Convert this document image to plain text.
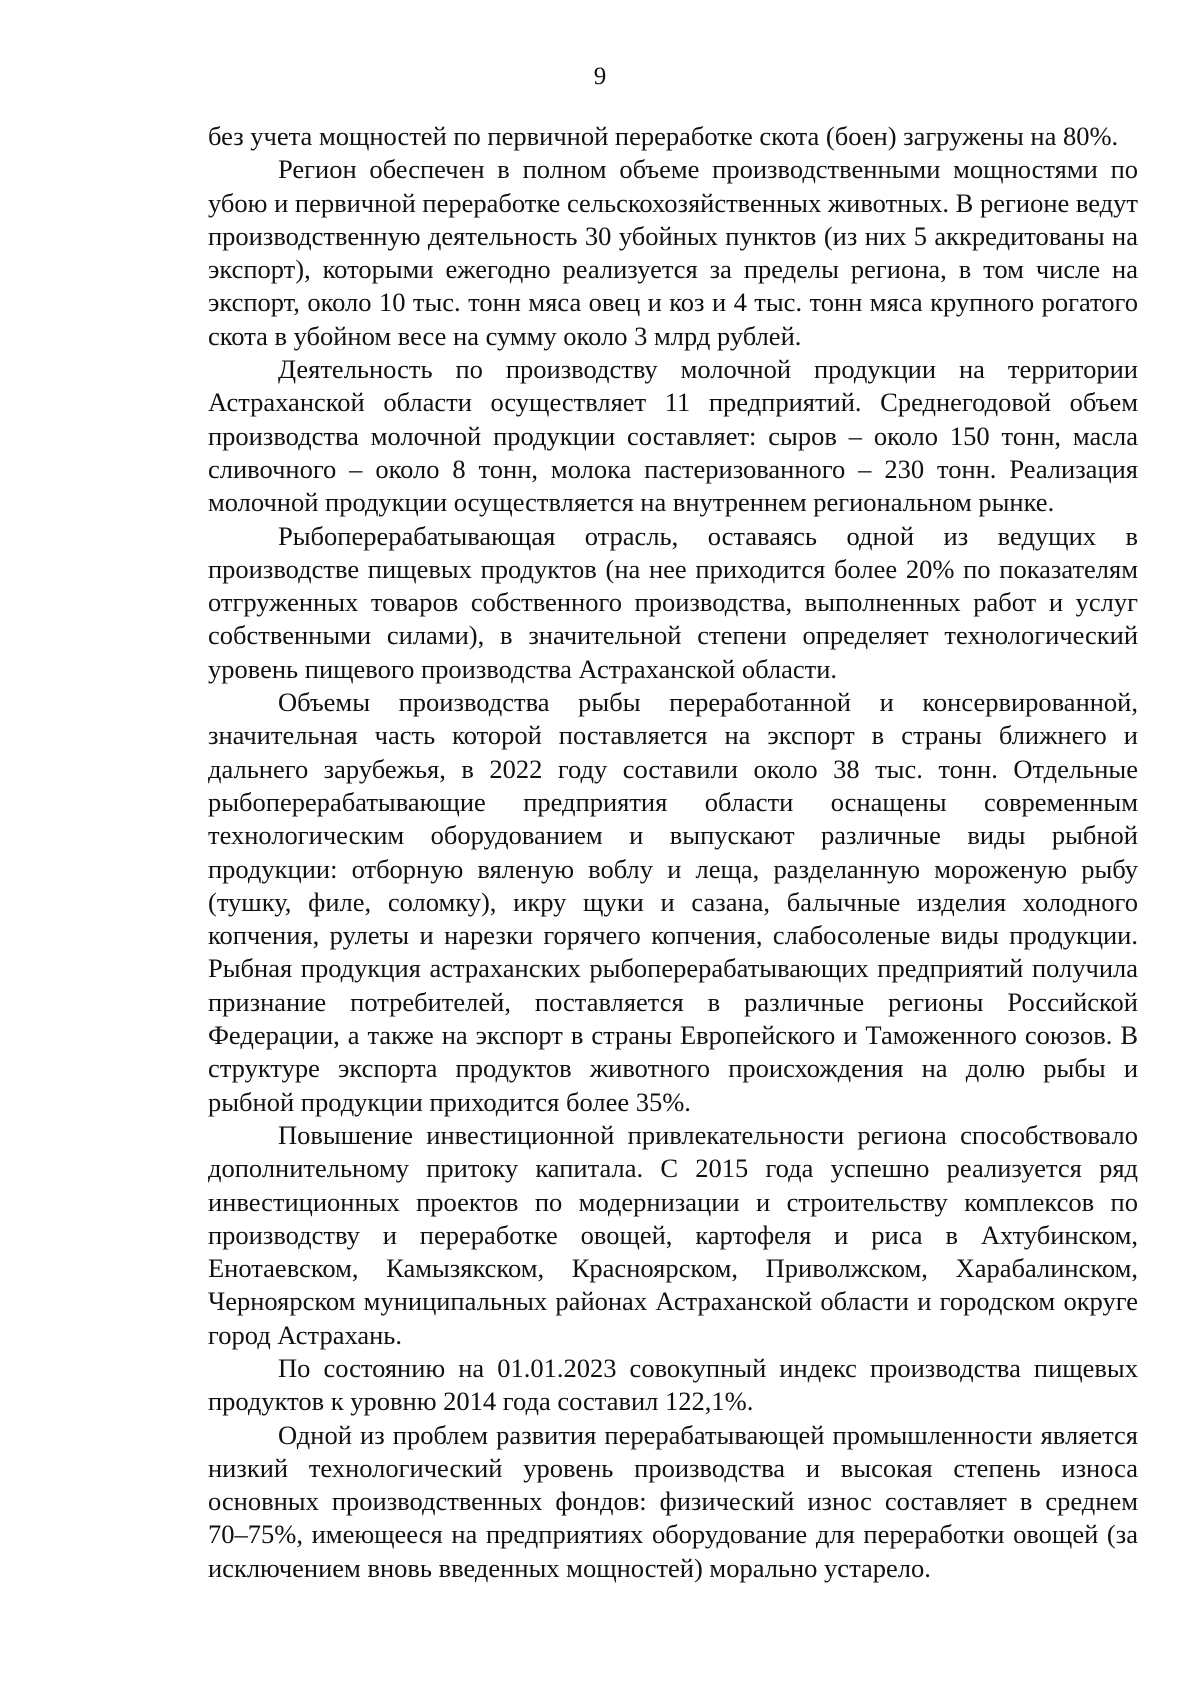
9

без учета мощностей по первичной переработке скота (боен) загружены на 80%.

Регион обеспечен в полном объеме производственными мощностями по убою и первичной переработке сельскохозяйственных животных. В регионе ведут производственную деятельность 30 убойных пунктов (из них 5 аккредитованы на экспорт), которыми ежегодно реализуется за пределы региона, в том числе на экспорт, около 10 тыс. тонн мяса овец и коз и 4 тыс. тонн мяса крупного рогатого скота в убойном весе на сумму около 3 млрд рублей.

Деятельность по производству молочной продукции на территории Астраханской области осуществляет 11 предприятий. Среднегодовой объем производства молочной продукции составляет: сыров – около 150 тонн, масла сливочного – около 8 тонн, молока пастеризованного – 230 тонн. Реализация молочной продукции осуществляется на внутреннем региональном рынке.

Рыбоперерабатывающая отрасль, оставаясь одной из ведущих в производстве пищевых продуктов (на нее приходится более 20% по показателям отгруженных товаров собственного производства, выполненных работ и услуг собственными силами), в значительной степени определяет технологический уровень пищевого производства Астраханской области.

Объемы производства рыбы переработанной и консервированной, значительная часть которой поставляется на экспорт в страны ближнего и дальнего зарубежья, в 2022 году составили около 38 тыс. тонн. Отдельные рыбоперерабатывающие предприятия области оснащены современным технологическим оборудованием и выпускают различные виды рыбной продукции: отборную вяленую воблу и леща, разделанную мороженую рыбу (тушку, филе, соломку), икру щуки и сазана, балычные изделия холодного копчения, рулеты и нарезки горячего копчения, слабосоленые виды продукции. Рыбная продукция астраханских рыбоперерабатывающих предприятий получила признание потребителей, поставляется в различные регионы Российской Федерации, а также на экспорт в страны Европейского и Таможенного союзов. В структуре экспорта продуктов животного происхождения на долю рыбы и рыбной продукции приходится более 35%.

Повышение инвестиционной привлекательности региона способствовало дополнительному притоку капитала. С 2015 года успешно реализуется ряд инвестиционных проектов по модернизации и строительству комплексов по производству и переработке овощей, картофеля и риса в Ахтубинском, Енотаевском, Камызякском, Красноярском, Приволжском, Харабалинском, Черноярском муниципальных районах Астраханской области и городском округе город Астрахань.

По состоянию на 01.01.2023 совокупный индекс производства пищевых продуктов к уровню 2014 года составил 122,1%.

Одной из проблем развития перерабатывающей промышленности является низкий технологический уровень производства и высокая степень износа основных производственных фондов: физический износ составляет в среднем 70–75%, имеющееся на предприятиях оборудование для переработки овощей (за исключением вновь введенных мощностей) морально устарело.
